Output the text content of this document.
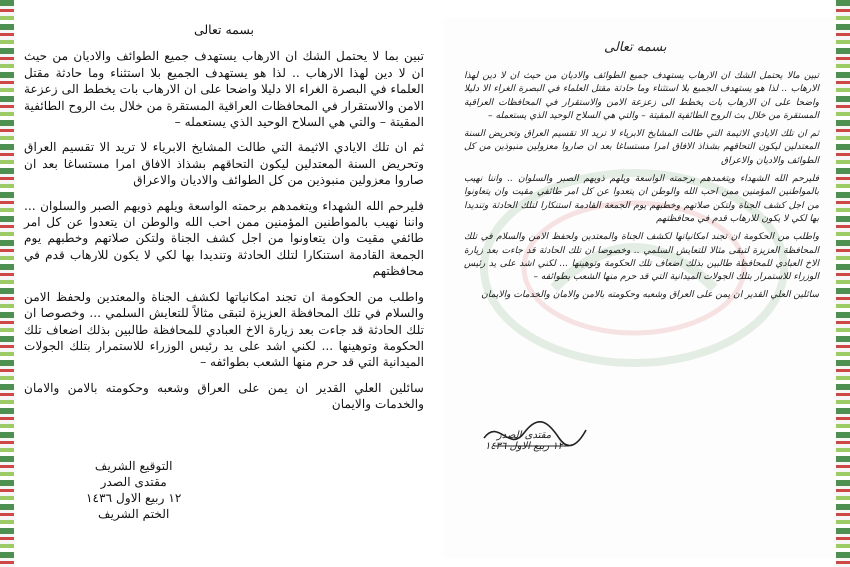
بسمه تعالى

تبين بما لا يحتمل الشك ان الارهاب يستهدف جميع الطوائف والاديان من حيث ان لا دين لهذا الارهاب .. لذا هو يستهدف الجميع بلا استثناء وما حادثة مقتل العلماء في البصرة الغراء الا دليلا واضحا على ان الارهاب بات يخطط الى زعزعة الامن والاستقرار في المحافظات العراقية المستقرة من خلال بث الروح الطائفية المقيتة – والتي هي السلاح الوحيد الذي يستعمله –

ثم ان تلك الايادي الاثيمة التي طالت المشايخ الابرياء لا تريد الا تقسيم العراق وتحريض السنة المعتدلين ليكون التحاقهم بشذاذ الافاق امرا مستساغا بعد ان صاروا معزولين منبوذين من كل الطوائف والاديان والاعراق

فليرحم الله الشهداء ويتغمدهم برحمته الواسعة ويلهم ذويهم الصبر والسلوان ... واننا نهيب بالمواطنين المؤمنين ممن احب الله والوطن ان يتعدوا عن كل امر طائفي مقيت وان يتعاونوا من اجل كشف الجناة ولتكن صلاتهم وخطبهم يوم الجمعة القادمة استنكارا لتلك الحادثة وتنديدا بها لكي لا يكون للارهاب قدم في محافظتهم

واطلب من الحكومة ان تجند امكانياتها لكشف الجناة والمعتدين ولحفظ الامن والسلام في تلك المحافظة العزيزة لتبقى مثالاً للتعايش السلمي ... وخصوصا ان تلك الحادثة قد جاءت بعد زيارة الاخ العبادي للمحافظة طالبين بذلك اضعاف تلك الحكومة وتوهينها ... لكني اشد على يد رئيس الوزراء للاستمرار بتلك الجولات الميدانية التي قد حرم منها الشعب بطوائفه –

سائلين العلي القدير ان يمن على العراق وشعبه وحكومته بالامن والامان والخدمات والايمان

التوقيع الشريف
مقتدى الصدر
١٢ ربيع الاول ١٤٣٦
الختم الشريف
بسمه تعالى

تبين مالا يحتمل الشك ان الارهاب يستهدف جميع الطوائف والاديان من حيث ان لا دين لهذا الارهاب .. لذا هو يستهدف الجميع بلا استثناء وما حادثة مقتل العلماء في البصرة الغراء الا دليلا واضحا على ان الارهاب بات يخطط الى زعزعة الامن والاستقرار في المحافظات العراقية المستقرة من خلال بث الروح الطائفية المقيتة – والتي هي السلاح الوحيد الذي يستعمله –

ثم ان تلك الايادي الاثيمة التي طالت المشايخ الابرياء لا تريد الا تقسيم العراق وتحريض السنة المعتدلين ليكون التحاقهم بشذاذ الافاق امرا مستساغا بعد ان صاروا معزولين منبوذين من كل الطوائف والاديان والاعراق

فليرحم الله الشهداء ويتغمدهم برحمته الواسعة ويلهم ذويهم الصبر والسلوان .. واننا نهيب بالمواطنين المؤمنين ممن احب الله والوطن ان يتعدوا عن كل امر طائفي مقيت وان يتعاونوا من اجل كشف الجناة ولتكن صلاتهم وخطبهم يوم الجمعة القادمة استنكارا لتلك الحادثة وتنديدا بها لكي لا يكون للارهاب قدم في محافظتهم

واطلب من الحكومة ان تجند امكانياتها لكشف الجناة والمعتدين ولحفظ الامن والسلام في تلك المحافظة العزيزة لتبقى مثالا للتعايش السلمي .. وخصوصا ان تلك الحادثة قد جاءت بعد زيارة الاخ العبادي للمحافظة طالبين بذلك اضعاف تلك الحكومة وتوهينها ... لكني اشد على يد رئيس الوزراء للاستمرار بتلك الجولات الميدانية التي قد حرم منها الشعب بطوائفه –

سائلين العلي القدير ان يمن على العراق وشعبه وحكومته بالامن والامان والخدمات والايمان

مقتدى الصدر
١٢ ربيع الاول ١٤٣٦
